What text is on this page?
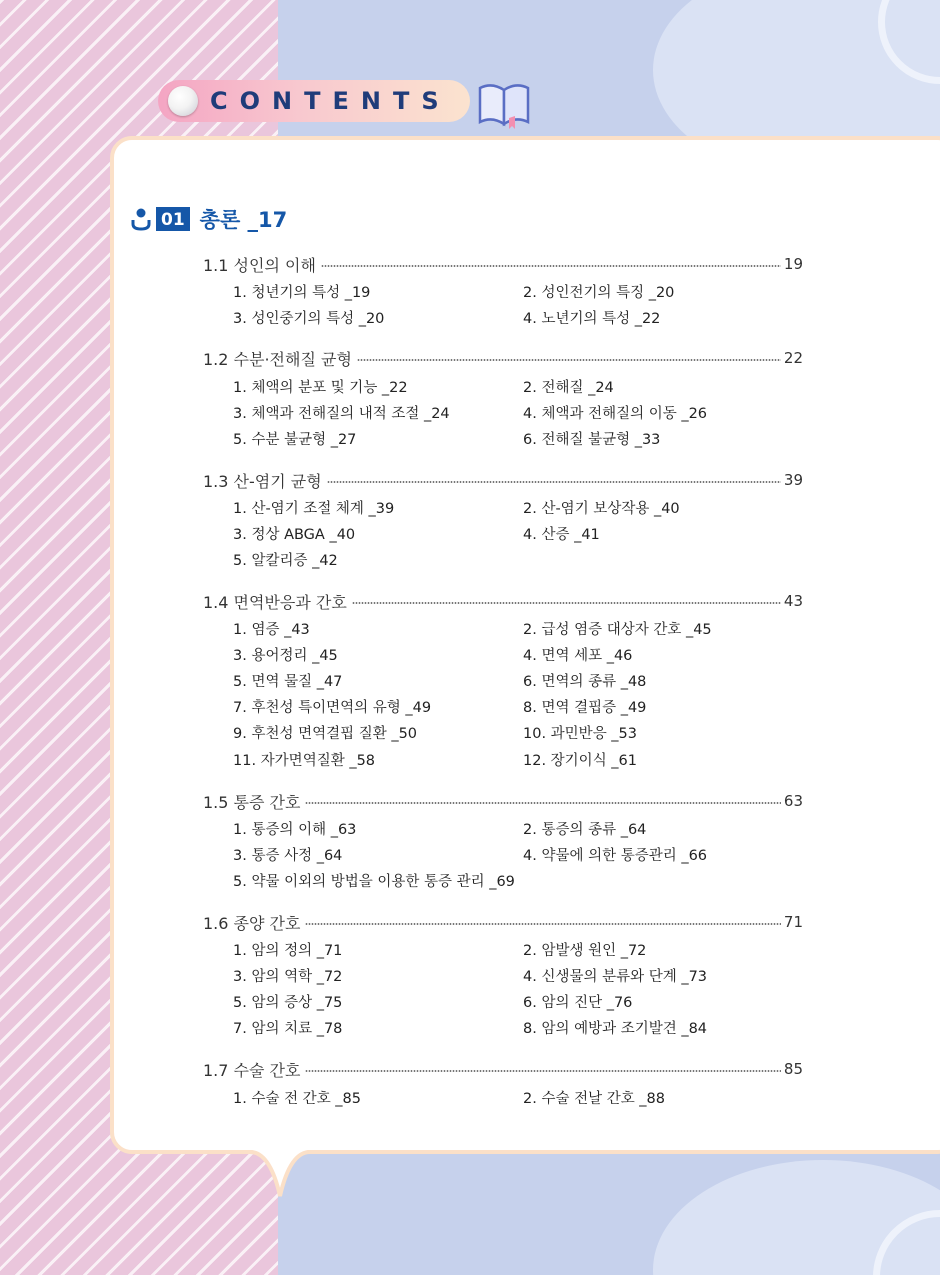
CONTENTS
01 총론 _17
1.1 성인의 이해	19
1. 청년기의 특성 _19	2. 성인전기의 특징 _20
3. 성인중기의 특성 _20	4. 노년기의 특성 _22
1.2 수분·전해질 균형	22
1. 체액의 분포 및 기능 _22	2. 전해질 _24
3. 체액과 전해질의 내적 조절 _24	4. 체액과 전해질의 이동 _26
5. 수분 불균형 _27	6. 전해질 불균형 _33
1.3 산-염기 균형	39
1. 산-염기 조절 체계 _39	2. 산-염기 보상작용 _40
3. 정상 ABGA _40	4. 산증 _41
5. 알칼리증 _42
1.4 면역반응과 간호	43
1. 염증 _43	2. 급성 염증 대상자 간호 _45
3. 용어정리 _45	4. 면역 세포 _46
5. 면역 물질 _47	6. 면역의 종류 _48
7. 후천성 특이면역의 유형 _49	8. 면역 결핍증 _49
9. 후천성 면역결핍 질환 _50	10. 과민반응 _53
11. 자가면역질환 _58	12. 장기이식 _61
1.5 통증 간호	63
1. 통증의 이해 _63	2. 통증의 종류 _64
3. 통증 사정 _64	4. 약물에 의한 통증관리 _66
5. 약물 이외의 방법을 이용한 통증 관리 _69
1.6 종양 간호	71
1. 암의 정의 _71	2. 암발생 원인 _72
3. 암의 역학 _72	4. 신생물의 분류와 단계 _73
5. 암의 증상 _75	6. 암의 진단 _76
7. 암의 치료 _78	8. 암의 예방과 조기발견 _84
1.7 수술 간호	85
1. 수술 전 간호 _85	2. 수술 전날 간호 _88
